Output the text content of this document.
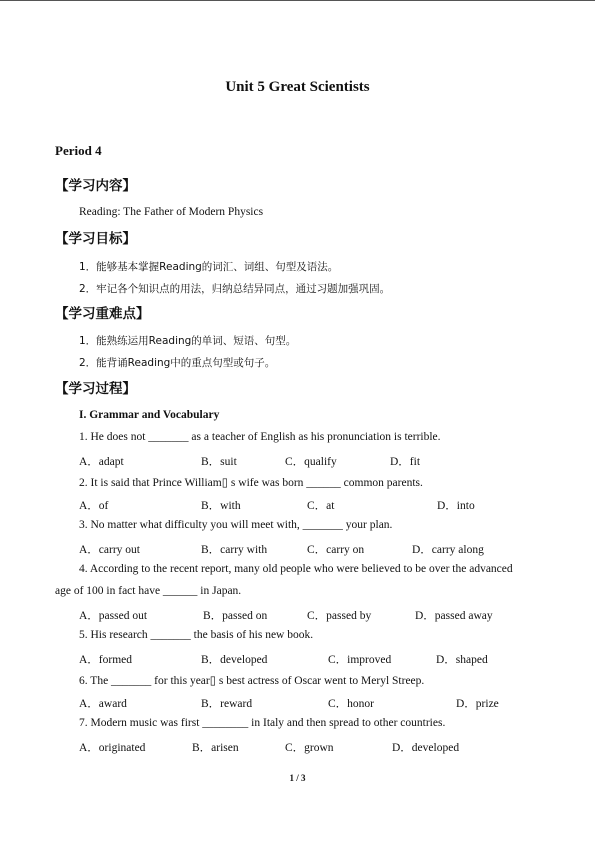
Unit 5 Great Scientists
Period 4
【学习内容】
Reading: The Father of Modern Physics
【学习目标】
1．能够基本掌握Reading的词汇、词组、句型及语法。
2．牢记各个知识点的用法，归纳总结异同点，通过习题加强巩固。
【学习重难点】
1．能熟练运用Reading的单词、短语、句型。
2．能背诵Reading中的重点句型或句子。
【学习过程】
I. Grammar and Vocabulary
1. He does not _______ as a teacher of English as his pronunciation is terrible.
A．adapt	B．suit	C．qualify	D．fit
2. It is said that Prince William▯ s wife was born ______ common parents.
A．of	B．with	C．at	D．into
3. No matter what difficulty you will meet with, _______ your plan.
A．carry out	B．carry with	C．carry on	D．carry along
4. According to the recent report, many old people who were believed to be over the advanced
age of 100 in fact have ______ in Japan.
A．passed out	B．passed on	C．passed by	D．passed away
5. His research _______ the basis of his new book.
A．formed	B．developed	C．improved	D．shaped
6. The _______ for this year▯ s best actress of Oscar went to Meryl Streep.
A．award	B．reward	C．honor	D．prize
7. Modern music was first ________ in Italy and then spread to other countries.
A．originated	B．arisen	C．grown	D．developed
1 / 3
